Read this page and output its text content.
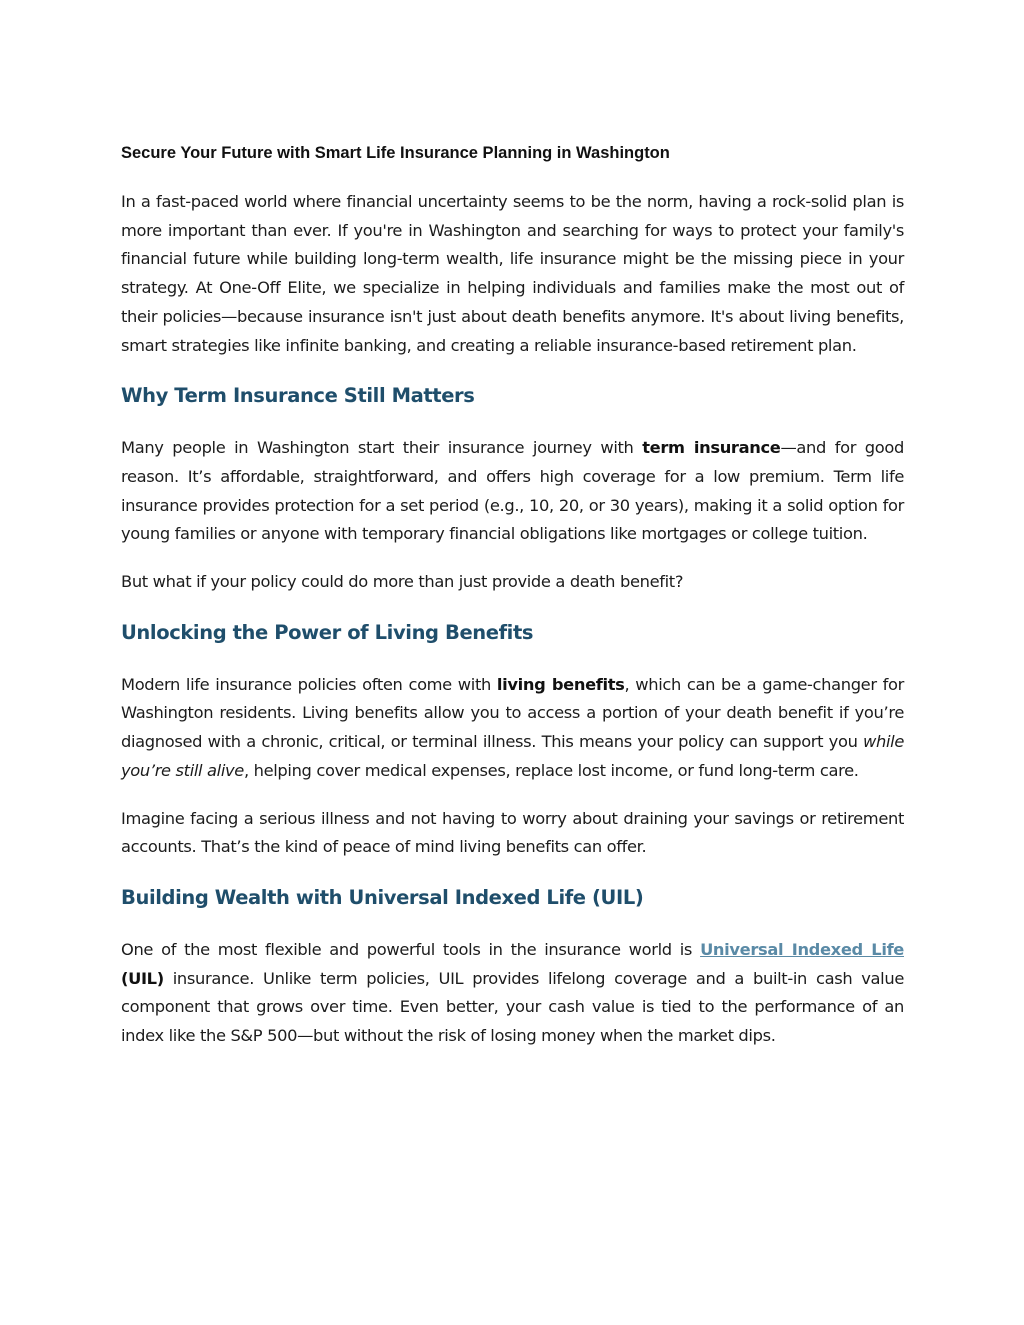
Secure Your Future with Smart Life Insurance Planning in Washington

In a fast-paced world where financial uncertainty seems to be the norm, having a rock-solid plan is more important than ever. If you're in Washington and searching for ways to protect your family's financial future while building long-term wealth, life insurance might be the missing piece in your strategy. At One-Off Elite, we specialize in helping individuals and families make the most out of their policies—because insurance isn't just about death benefits anymore. It's about living benefits, smart strategies like infinite banking, and creating a reliable insurance-based retirement plan.

Why Term Insurance Still Matters

Many people in Washington start their insurance journey with term insurance—and for good reason. It’s affordable, straightforward, and offers high coverage for a low premium. Term life insurance provides protection for a set period (e.g., 10, 20, or 30 years), making it a solid option for young families or anyone with temporary financial obligations like mortgages or college tuition.

But what if your policy could do more than just provide a death benefit?

Unlocking the Power of Living Benefits

Modern life insurance policies often come with living benefits, which can be a game-changer for Washington residents. Living benefits allow you to access a portion of your death benefit if you’re diagnosed with a chronic, critical, or terminal illness. This means your policy can support you while you’re still alive, helping cover medical expenses, replace lost income, or fund long-term care.

Imagine facing a serious illness and not having to worry about draining your savings or retirement accounts. That’s the kind of peace of mind living benefits can offer.

Building Wealth with Universal Indexed Life (UIL)

One of the most flexible and powerful tools in the insurance world is Universal Indexed Life (UIL) insurance. Unlike term policies, UIL provides lifelong coverage and a built-in cash value component that grows over time. Even better, your cash value is tied to the performance of an index like the S&P 500—but without the risk of losing money when the market dips.
